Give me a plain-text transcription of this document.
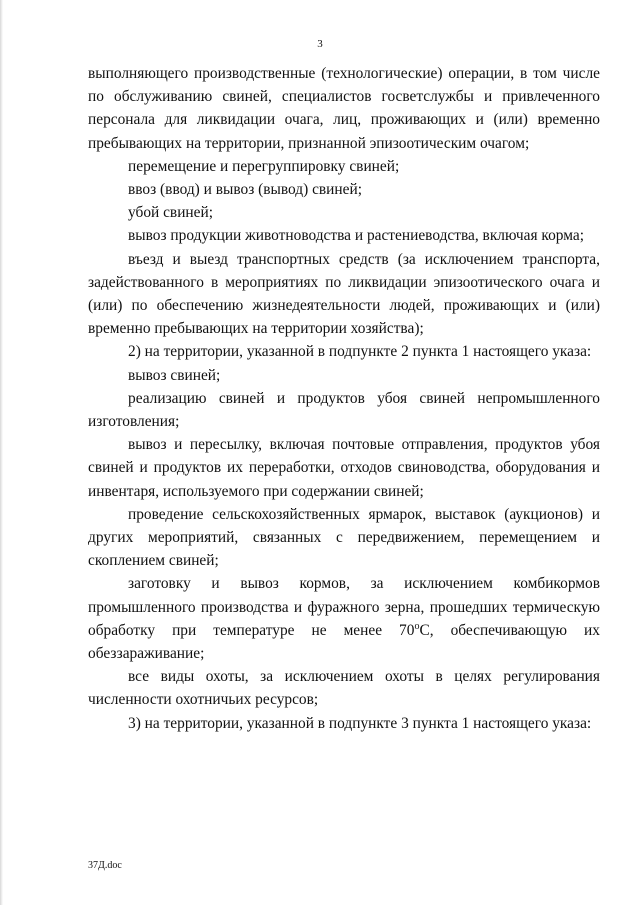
3

выполняющего производственные (технологические) операции, в том числе по обслуживанию свиней, специалистов госветслужбы и привлеченного персонала для ликвидации очага, лиц, проживающих и (или) временно пребывающих на территории, признанной эпизоотическим очагом;

перемещение и перегруппировку свиней;

ввоз (ввод) и вывоз (вывод) свиней;

убой свиней;

вывоз продукции животноводства и растениеводства, включая корма;

въезд и выезд транспортных средств (за исключением транспорта, задействованного в мероприятиях по ликвидации эпизоотического очага и (или) по обеспечению жизнедеятельности людей, проживающих и (или) временно пребывающих на территории хозяйства);

2) на территории, указанной в подпункте 2 пункта 1 настоящего указа:

вывоз свиней;

реализацию свиней и продуктов убоя свиней непромышленного изготовления;

вывоз и пересылку, включая почтовые отправления, продуктов убоя свиней и продуктов их переработки, отходов свиноводства, оборудования и инвентаря, используемого при содержании свиней;

проведение сельскохозяйственных ярмарок, выставок (аукционов) и других мероприятий, связанных с передвижением, перемещением и скоплением свиней;

заготовку и вывоз кормов, за исключением комбикормов промышленного производства и фуражного зерна, прошедших термическую обработку при температуре не менее 70$^o$С, обеспечивающую их обеззараживание;

все виды охоты, за исключением охоты в целях регулирования численности охотничьих ресурсов;

3) на территории, указанной в подпункте 3 пункта 1 настоящего указа:

37Д.doc
